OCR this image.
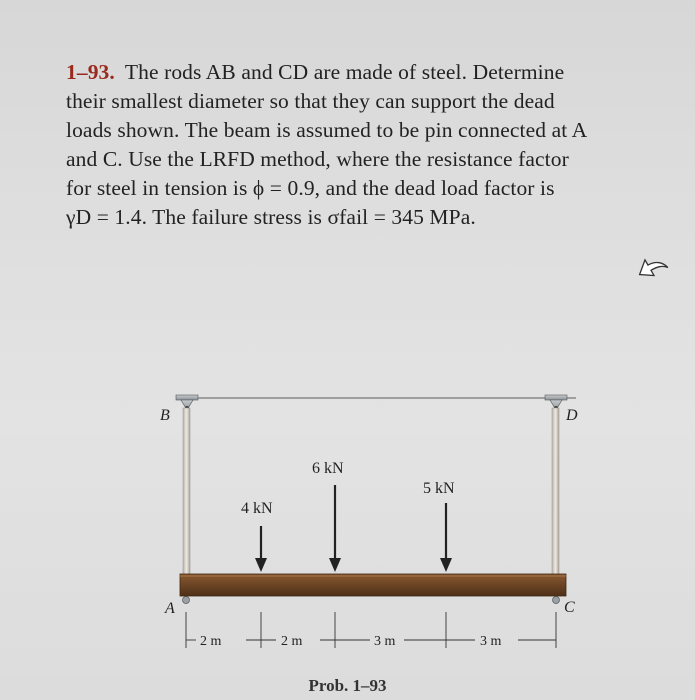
1–93. The rods AB and CD are made of steel. Determine

their smallest diameter so that they can support the dead

loads shown. The beam is assumed to be pin connected at A

and C. Use the LRFD method, where the resistance factor

for steel in tension is ϕ = 0.9, and the dead load factor is

γD = 1.4. The failure stress is σfail = 345 MPa.

B	D
A	C
4 kN
6 kN
5 kN
2 m	2 m	3 m	3 m
Prob. 1–93
